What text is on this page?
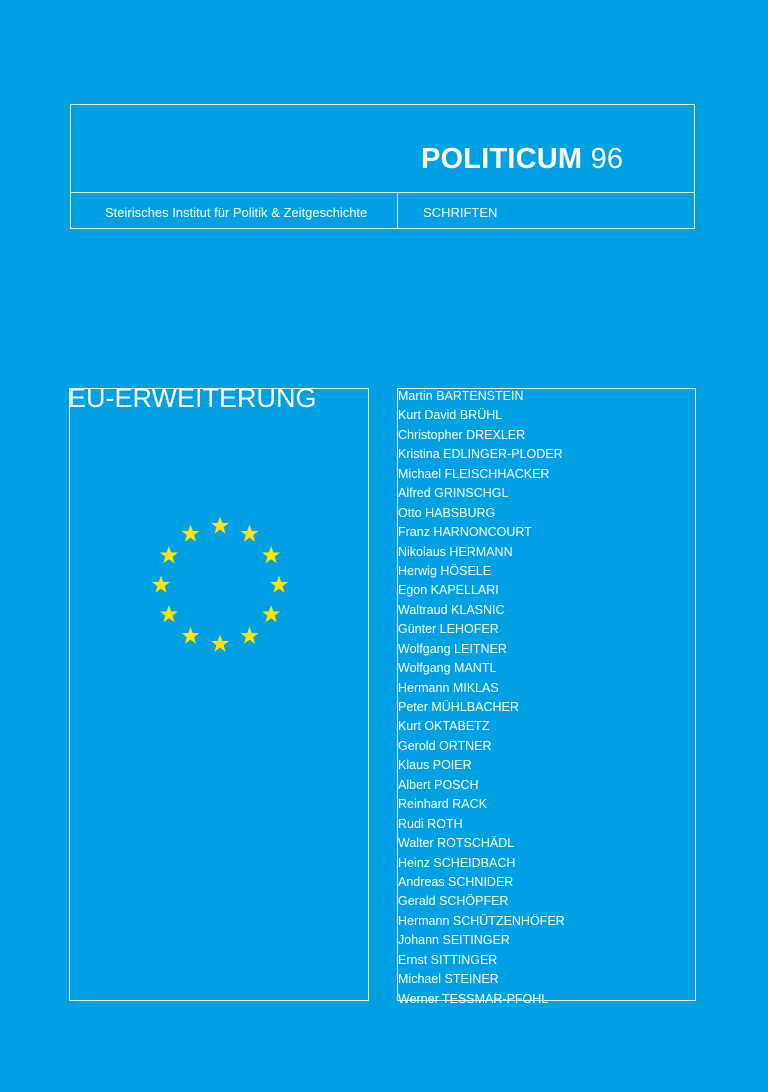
POLITICUM 96
Steirisches Institut für Politik & Zeitgeschichte	SCHRIFTEN
EU-ERWEITERUNG	Martin BARTENSTEIN
Kurt David BRÜHL
Christopher DREXLER
Kristina EDLINGER-PLODER
Michael FLEISCHHACKER
Alfred GRINSCHGL
Otto HABSBURG
Franz HARNONCOURT
Nikolaus HERMANN
Herwig HÖSELE
Egon KAPELLARI
Waltraud KLASNIC
Günter LEHOFER
Wolfgang LEITNER
Wolfgang MANTL
Hermann MIKLAS
Peter MÜHLBACHER
Kurt OKTABETZ
Gerold ORTNER
Klaus POIER
Albert POSCH
Reinhard RACK
Rudi ROTH
Walter ROTSCHÄDL
Heinz SCHEIDBACH
Andreas SCHNIDER
Gerald SCHÖPFER
Hermann SCHÜTZENHÖFER
Johann SEITINGER
Ernst SITTINGER
Michael STEINER
Werner TESSMAR-PFOHL
